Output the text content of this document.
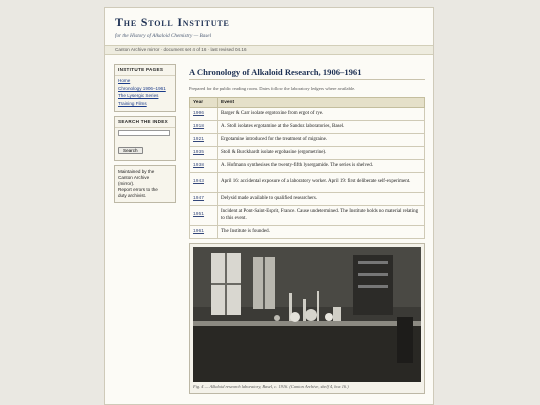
The Stoll Institute
for the History of Alkaloid Chemistry — Basel
Canton Archive mirror · document set 4 of 16 · last revised 04.16
INSTITUTE PAGES
Home
Chronology 1906–1961
The Lysergic Series
Training Films
SEARCH THE INDEX
Search

Maintained by the

Canton Archive

(mirror).

Report errors to the

duty archivist.

A Chronology of Alkaloid Research, 1906–1961

Prepared for the public reading room. Dates follow the laboratory ledgers where available.

Year	Event
1906	Barger & Carr isolate ergotoxine from ergot of rye.
1918	A. Stoll isolates ergotamine at the Sandoz laboratories, Basel.
1921	Ergotamine introduced for the treatment of migraine.
1935	Stoll & Burckhardt isolate ergobasine (ergometrine).
1938	A. Hofmann synthesises the twenty-fifth lysergamide. The series is shelved.
1943	April 16: accidental exposure of a laboratory worker. April 19: first deliberate self-experiment.
1947	Delysid made available to qualified researchers.
1951	Incident at Pont-Saint-Esprit, France. Cause undetermined. The Institute holds no material relating to this event.
1961	The Institute is founded.
Fig. 4 — Alkaloid research laboratory, Basel, c. 1916. (Canton Archive, shelf 4, box 16.)
